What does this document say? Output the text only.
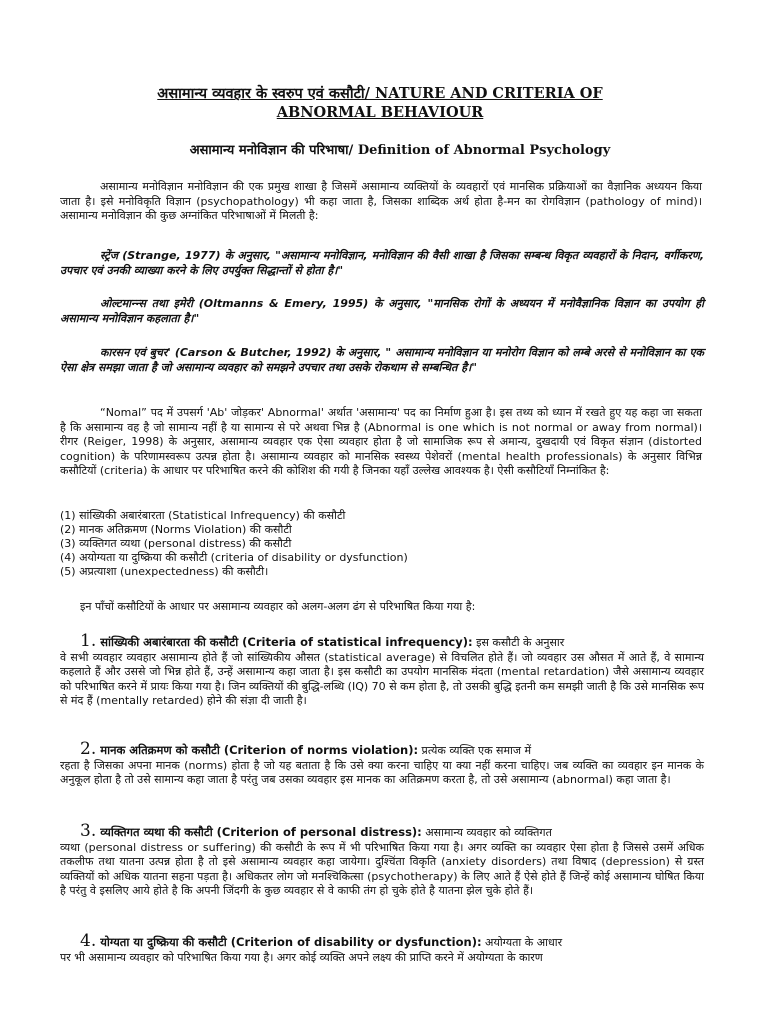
असामान्य व्यवहार के स्वरुप एवं कसौटी/ NATURE AND CRITERIA OF
ABNORMAL BEHAVIOUR
असामान्य मनोविज्ञान की परिभाषा/ Definition of Abnormal Psychology
असामान्य मनोविज्ञान मनोविज्ञान की एक प्रमुख शाखा है जिसमें असामान्य व्यक्तियों के व्यवहारों एवं मानसिक प्रक्रियाओं का वैज्ञानिक अध्ययन किया जाता है। इसे मनोविकृति विज्ञान (psychopathology) भी कहा जाता है, जिसका शाब्दिक अर्थ होता है-मन का रोगविज्ञान (pathology of mind)। असामान्य मनोविज्ञान की कुछ अग्नांकित परिभाषाओं में मिलती है:
स्ट्रेंज (Strange, 1977) के अनुसार, "असामान्य मनोविज्ञान, मनोविज्ञान की वैसी शाखा है जिसका सम्बन्ध विकृत व्यवहारों के निदान, वर्गीकरण, उपचार एवं उनकी व्याख्या करने के लिए उपर्युक्त सिद्धान्तों से होता है।"
ओल्टमान्न्स तथा इमेरी (Oltmanns & Emery, 1995) के अनुसार, "मानसिक रोगों के अध्ययन में मनोवैज्ञानिक विज्ञान का उपयोग ही असामान्य मनोविज्ञान कहलाता है।"
कारसन एवं बुचर' (Carson & Butcher, 1992) के अनुसार, " असामान्य मनोविज्ञान या मनोरोग विज्ञान को लम्बे अरसे से मनोविज्ञान का एक ऐसा क्षेत्र समझा जाता है जो असामान्य व्यवहार को समझने उपचार तथा उसके रोकथाम से सम्बन्धित है।"
“Nomal” पद में उपसर्ग 'Ab' जोड़कर' Abnormal' अर्थात 'असामान्य' पद का निर्माण हुआ है। इस तथ्य को ध्यान में रखते हुए यह कहा जा सकता है कि असामान्य वह है जो सामान्य नहीं है या सामान्य से परे अथवा भिन्न है (Abnormal is one which is not normal or away from normal)। रीगर (Reiger, 1998) के अनुसार, असामान्य व्यवहार एक ऐसा व्यवहार होता है जो सामाजिक रूप से अमान्य, दुखदायी एवं विकृत संज्ञान (distorted cognition) के परिणामस्वरूप उत्पन्न होता है। असामान्य व्यवहार को मानसिक स्वस्थ्य पेशेवरों (mental health professionals) के अनुसार विभिन्न कसौटियों (criteria) के आधार पर परिभाषित करने की कोशिश की गयी है जिनका यहाँ उल्लेख आवश्यक है। ऐसी कसौटियाँ निम्नांकित है:
(1) सांख्यिकी अबारंबारता (Statistical Infrequency) की कसौटी
(2) मानक अतिक्रमण (Norms Violation) की कसौटी
(3) व्यक्तिगत व्यथा (personal distress) की कसौटी
(4) अयोग्यता या दुष्क्रिया की कसौटी (criteria of disability or dysfunction)
(5) अप्रत्याशा (unexpectedness) की कसौटी।
इन पाँचों कसौटियों के आधार पर असामान्य व्यवहार को अलग-अलग ढंग से परिभाषित किया गया है:
1. सांख्यिकी अबारंबारता की कसौटी (Criteria of statistical infrequency): इस कसौटी के अनुसार
वे सभी व्यवहार व्यवहार असामान्य होते हैं जो सांख्यिकीय औसत (statistical average) से विचलित होते हैं। जो व्यवहार उस औसत में आते हैं, वे सामान्य कहलाते हैं और उससे जो भिन्न होते हैं, उन्हें असामान्य कहा जाता है। इस कसौटी का उपयोग मानसिक मंदता (mental retardation) जैसे असामान्य व्यवहार को परिभाषित करने में प्रायः किया गया है। जिन व्यक्तियों की बुद्धि-लब्धि (IQ) 70 से कम होता है, तो उसकी बुद्धि इतनी कम समझी जाती है कि उसे मानसिक रूप से मंद हैं (mentally retarded) होने की संज्ञा दी जाती है।
2. मानक अतिक्रमण को कसौटी (Criterion of norms violation): प्रत्येक व्यक्ति एक समाज में
रहता है जिसका अपना मानक (norms) होता है जो यह बताता है कि उसे क्या करना चाहिए या क्या नहीं करना चाहिए। जब व्यक्ति का व्यवहार इन मानक के अनुकूल होता है तो उसे सामान्य कहा जाता है परंतु जब उसका व्यवहार इस मानक का अतिक्रमण करता है, तो उसे असामान्य (abnormal) कहा जाता है।
3. व्यक्तिगत व्यथा की कसौटी (Criterion of personal distress): असामान्य व्यवहार को व्यक्तिगत
व्यथा (personal distress or suffering) की कसौटी के रूप में भी परिभाषित किया गया है। अगर व्यक्ति का व्यवहार ऐसा होता है जिससे उसमें अधिक तकलीफ तथा यातना उत्पन्न होता है तो इसे असामान्य व्यवहार कहा जायेगा। दुश्चिंता विकृति (anxiety disorders) तथा विषाद (depression) से ग्रस्त व्यक्तियों को अधिक यातना सहना पड़ता है। अधिकतर लोग जो मनश्चिकित्सा (psychotherapy) के लिए आते हैं ऐसे होते हैं जिन्हें कोई असामान्य घोषित किया है परंतु वे इसलिए आये होते है कि अपनी जिंदगी के कुछ व्यवहार से वे काफी तंग हो चुके होते है यातना झेल चुके होते हैं।
4. योग्यता या दुष्क्रिया की कसौटी (Criterion of disability or dysfunction): अयोग्यता के आधार
पर भी असामान्य व्यवहार को परिभाषित किया गया है। अगर कोई व्यक्ति अपने लक्ष्य की प्राप्ति करने में अयोग्यता के कारण
